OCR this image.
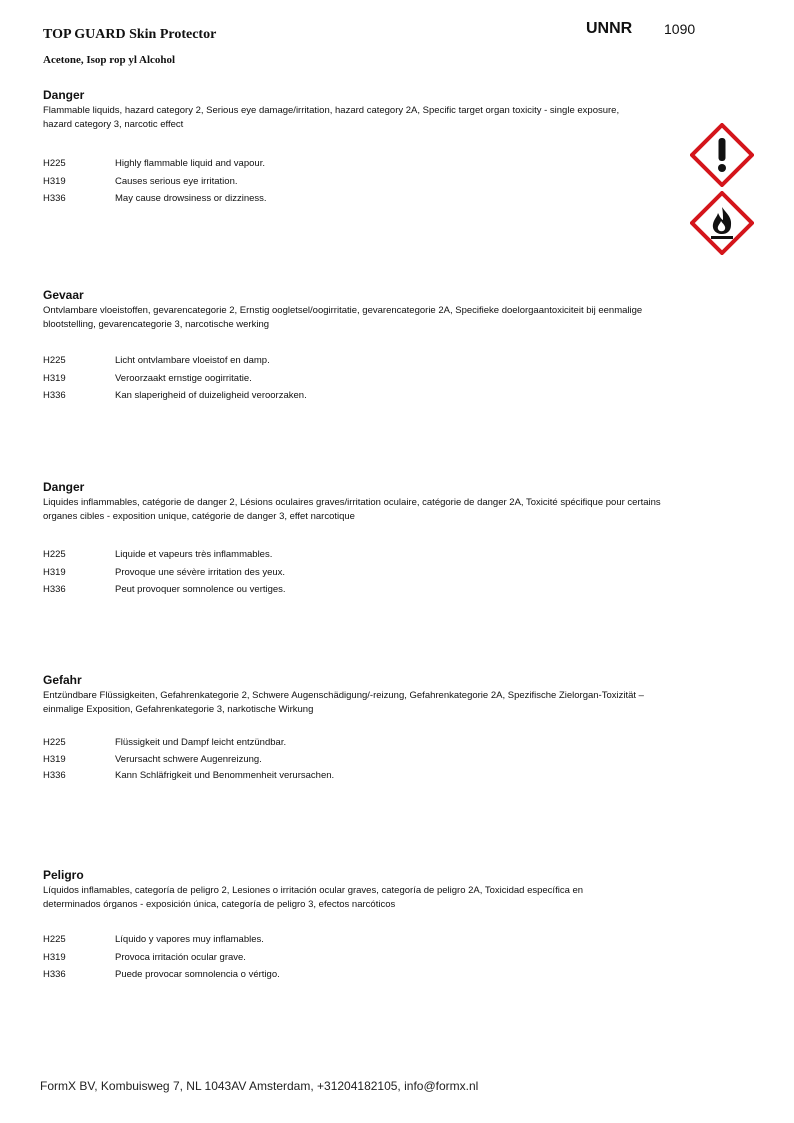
TOP GUARD Skin Protector
Acetone, Isop rop yl Alcohol
UNNR 1090
Danger
Flammable liquids, hazard category 2, Serious eye damage/irritation, hazard category 2A, Specific target organ toxicity - single exposure, hazard category 3, narcotic effect
H225	Highly flammable liquid and vapour.
H319	Causes serious eye irritation.
H336	May cause drowsiness or dizziness.
Gevaar
Ontvlambare vloeistoffen, gevarencategorie 2, Ernstig oogletsel/oogirritatie, gevarencategorie 2A, Specifieke doelorgaantoxiciteit bij eenmalige blootstelling, gevarencategorie 3, narcotische werking
H225	Licht ontvlambare vloeistof en damp.
H319	Veroorzaakt ernstige oogirritatie.
H336	Kan slaperigheid of duizeligheid veroorzaken.
Danger
Liquides inflammables, catégorie de danger 2, Lésions oculaires graves/irritation oculaire, catégorie de danger 2A, Toxicité spécifique pour certains organes cibles - exposition unique, catégorie de danger 3, effet narcotique
H225	Liquide et vapeurs très inflammables.
H319	Provoque une sévère irritation des yeux.
H336	Peut provoquer somnolence ou vertiges.
Gefahr
Entzündbare Flüssigkeiten, Gefahrenkategorie 2, Schwere Augenschädigung/-reizung, Gefahrenkategorie 2A, Spezifische Zielorgan-Toxizität – einmalige Exposition, Gefahrenkategorie 3, narkotische Wirkung
H225	Flüssigkeit und Dampf leicht entzündbar.
H319	Verursacht schwere Augenreizung.
H336	Kann Schläfrigkeit und Benommenheit verursachen.
Peligro
Líquidos inflamables, categoría de peligro 2, Lesiones o irritación ocular graves, categoría de peligro 2A, Toxicidad específica en determinados órganos - exposición única, categoría de peligro 3, efectos narcóticos
H225	Líquido y vapores muy inflamables.
H319	Provoca irritación ocular grave.
H336	Puede provocar somnolencia o vértigo.
FormX BV, Kombuisweg 7, NL 1043AV Amsterdam, +31204182105, info@formx.nl
